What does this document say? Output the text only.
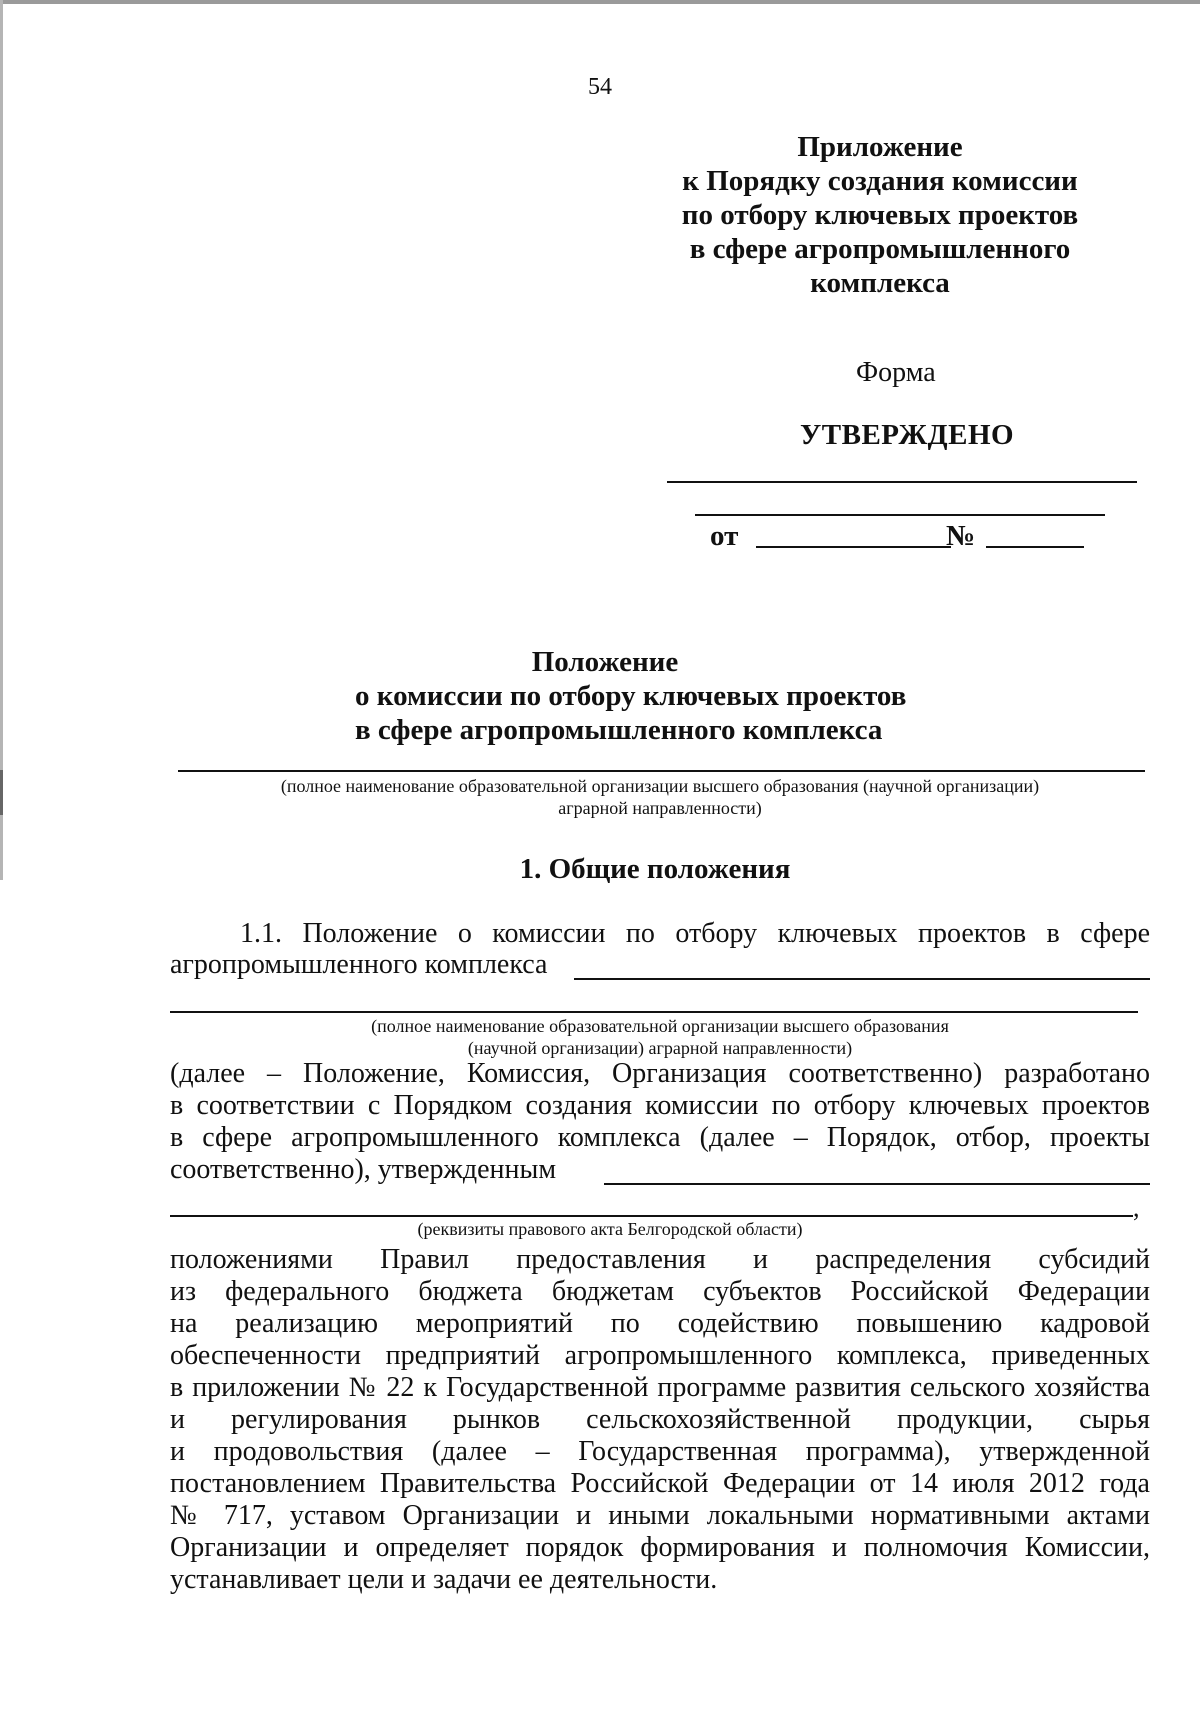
54
Приложение
к Порядку создания комиссии
по отбору ключевых проектов
в сфере агропромышленного
комплекса
Форма
УТВЕРЖДЕНО
от	№
Положение
о комиссии по отбору ключевых проектов
в сфере агропромышленного комплекса
(полное наименование образовательной организации высшего образования (научной организации)
аграрной направленности)
1. Общие положения
1.1. Положение о комиссии по отбору ключевых проектов в сфере
агропромышленного комплекса
(полное наименование образовательной организации высшего образования
(научной организации) аграрной направленности)
(далее – Положение, Комиссия, Организация соответственно) разработано
в соответствии с Порядком создания комиссии по отбору ключевых проектов
в сфере агропромышленного комплекса (далее – Порядок, отбор, проекты
соответственно), утвержденным
,
(реквизиты правового акта Белгородской области)
положениями Правил предоставления и распределения субсидий
из федерального бюджета бюджетам субъектов Российской Федерации
на реализацию мероприятий по содействию повышению кадровой
обеспеченности предприятий агропромышленного комплекса, приведенных
в приложении № 22 к Государственной программе развития сельского хозяйства
и регулирования рынков сельскохозяйственной продукции, сырья
и продовольствия (далее – Государственная программа), утвержденной
постановлением Правительства Российской Федерации от 14 июля 2012 года
№ 717, уставом Организации и иными локальными нормативными актами
Организации и определяет порядок формирования и полномочия Комиссии,
устанавливает цели и задачи ее деятельности.
